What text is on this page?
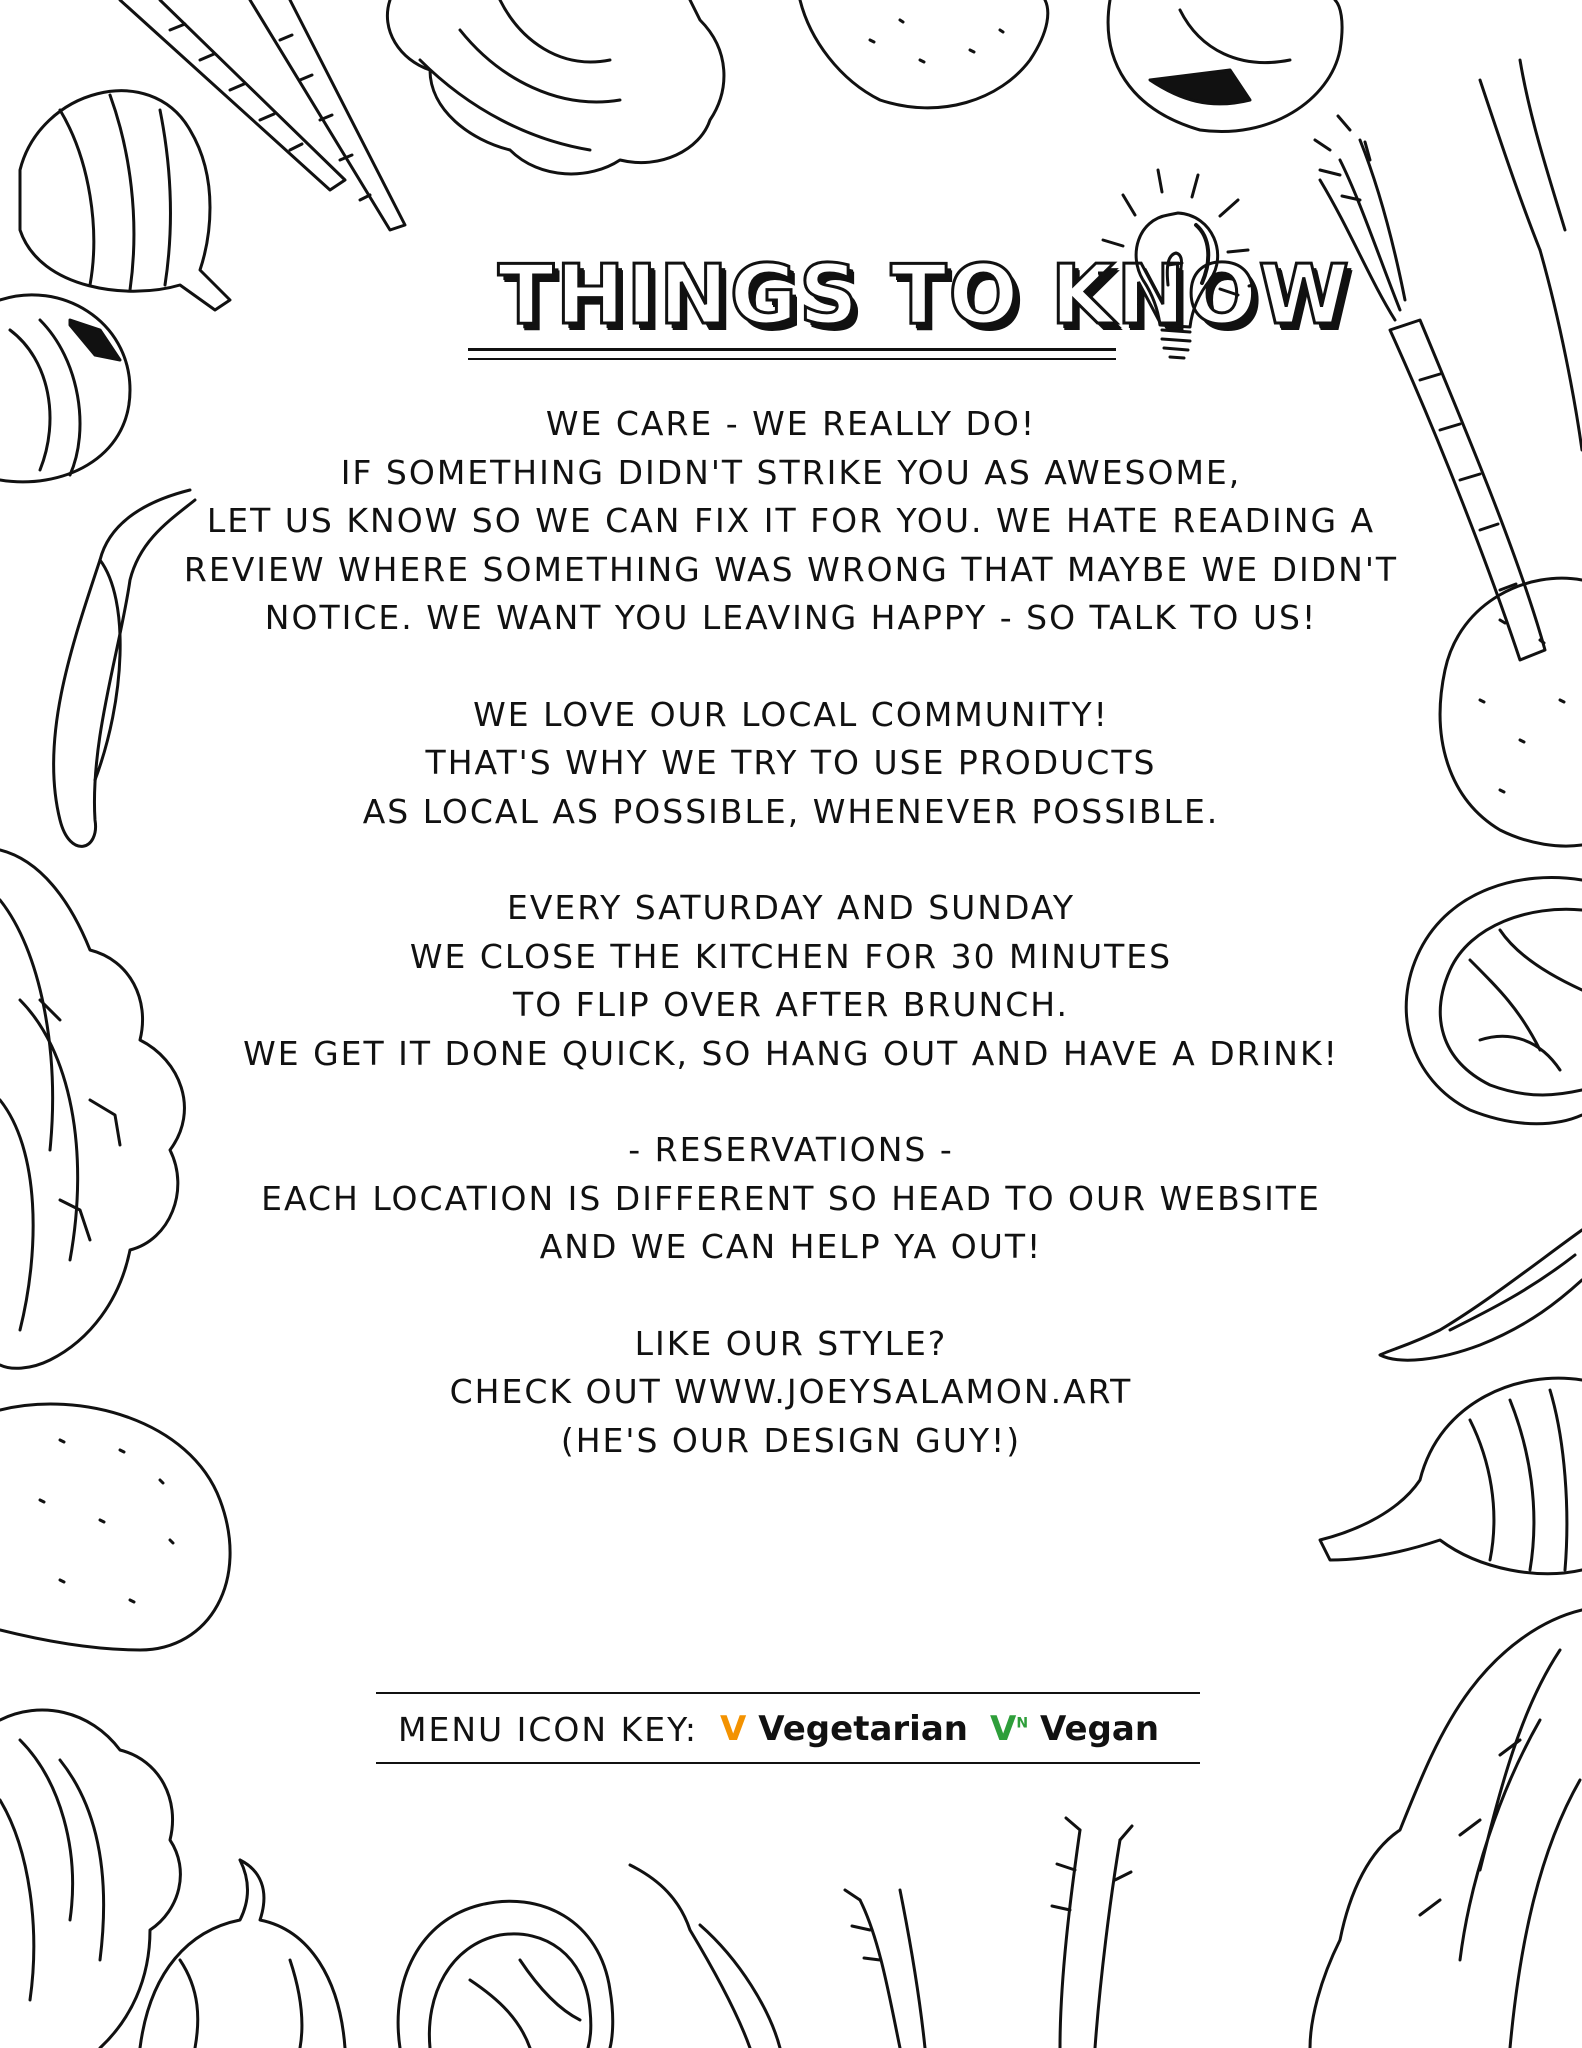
THINGS TO KNOW
WE CARE - WE REALLY DO!
IF SOMETHING DIDN'T STRIKE YOU AS AWESOME,
LET US KNOW SO WE CAN FIX IT FOR YOU. WE HATE READING A
REVIEW WHERE SOMETHING WAS WRONG THAT MAYBE WE DIDN'T
NOTICE. WE WANT YOU LEAVING HAPPY - SO TALK TO US!
WE LOVE OUR LOCAL COMMUNITY!
THAT'S WHY WE TRY TO USE PRODUCTS
AS LOCAL AS POSSIBLE, WHENEVER POSSIBLE.
EVERY SATURDAY AND SUNDAY
WE CLOSE THE KITCHEN FOR 30 MINUTES
TO FLIP OVER AFTER BRUNCH.
WE GET IT DONE QUICK, SO HANG OUT AND HAVE A DRINK!
- RESERVATIONS -
EACH LOCATION IS DIFFERENT SO HEAD TO OUR WEBSITE
AND WE CAN HELP YA OUT!
LIKE OUR STYLE?
CHECK OUT WWW.JOEYSALAMON.ART
(HE'S OUR DESIGN GUY!)
MENU ICON KEY: V Vegetarian $V^N$ Vegan
